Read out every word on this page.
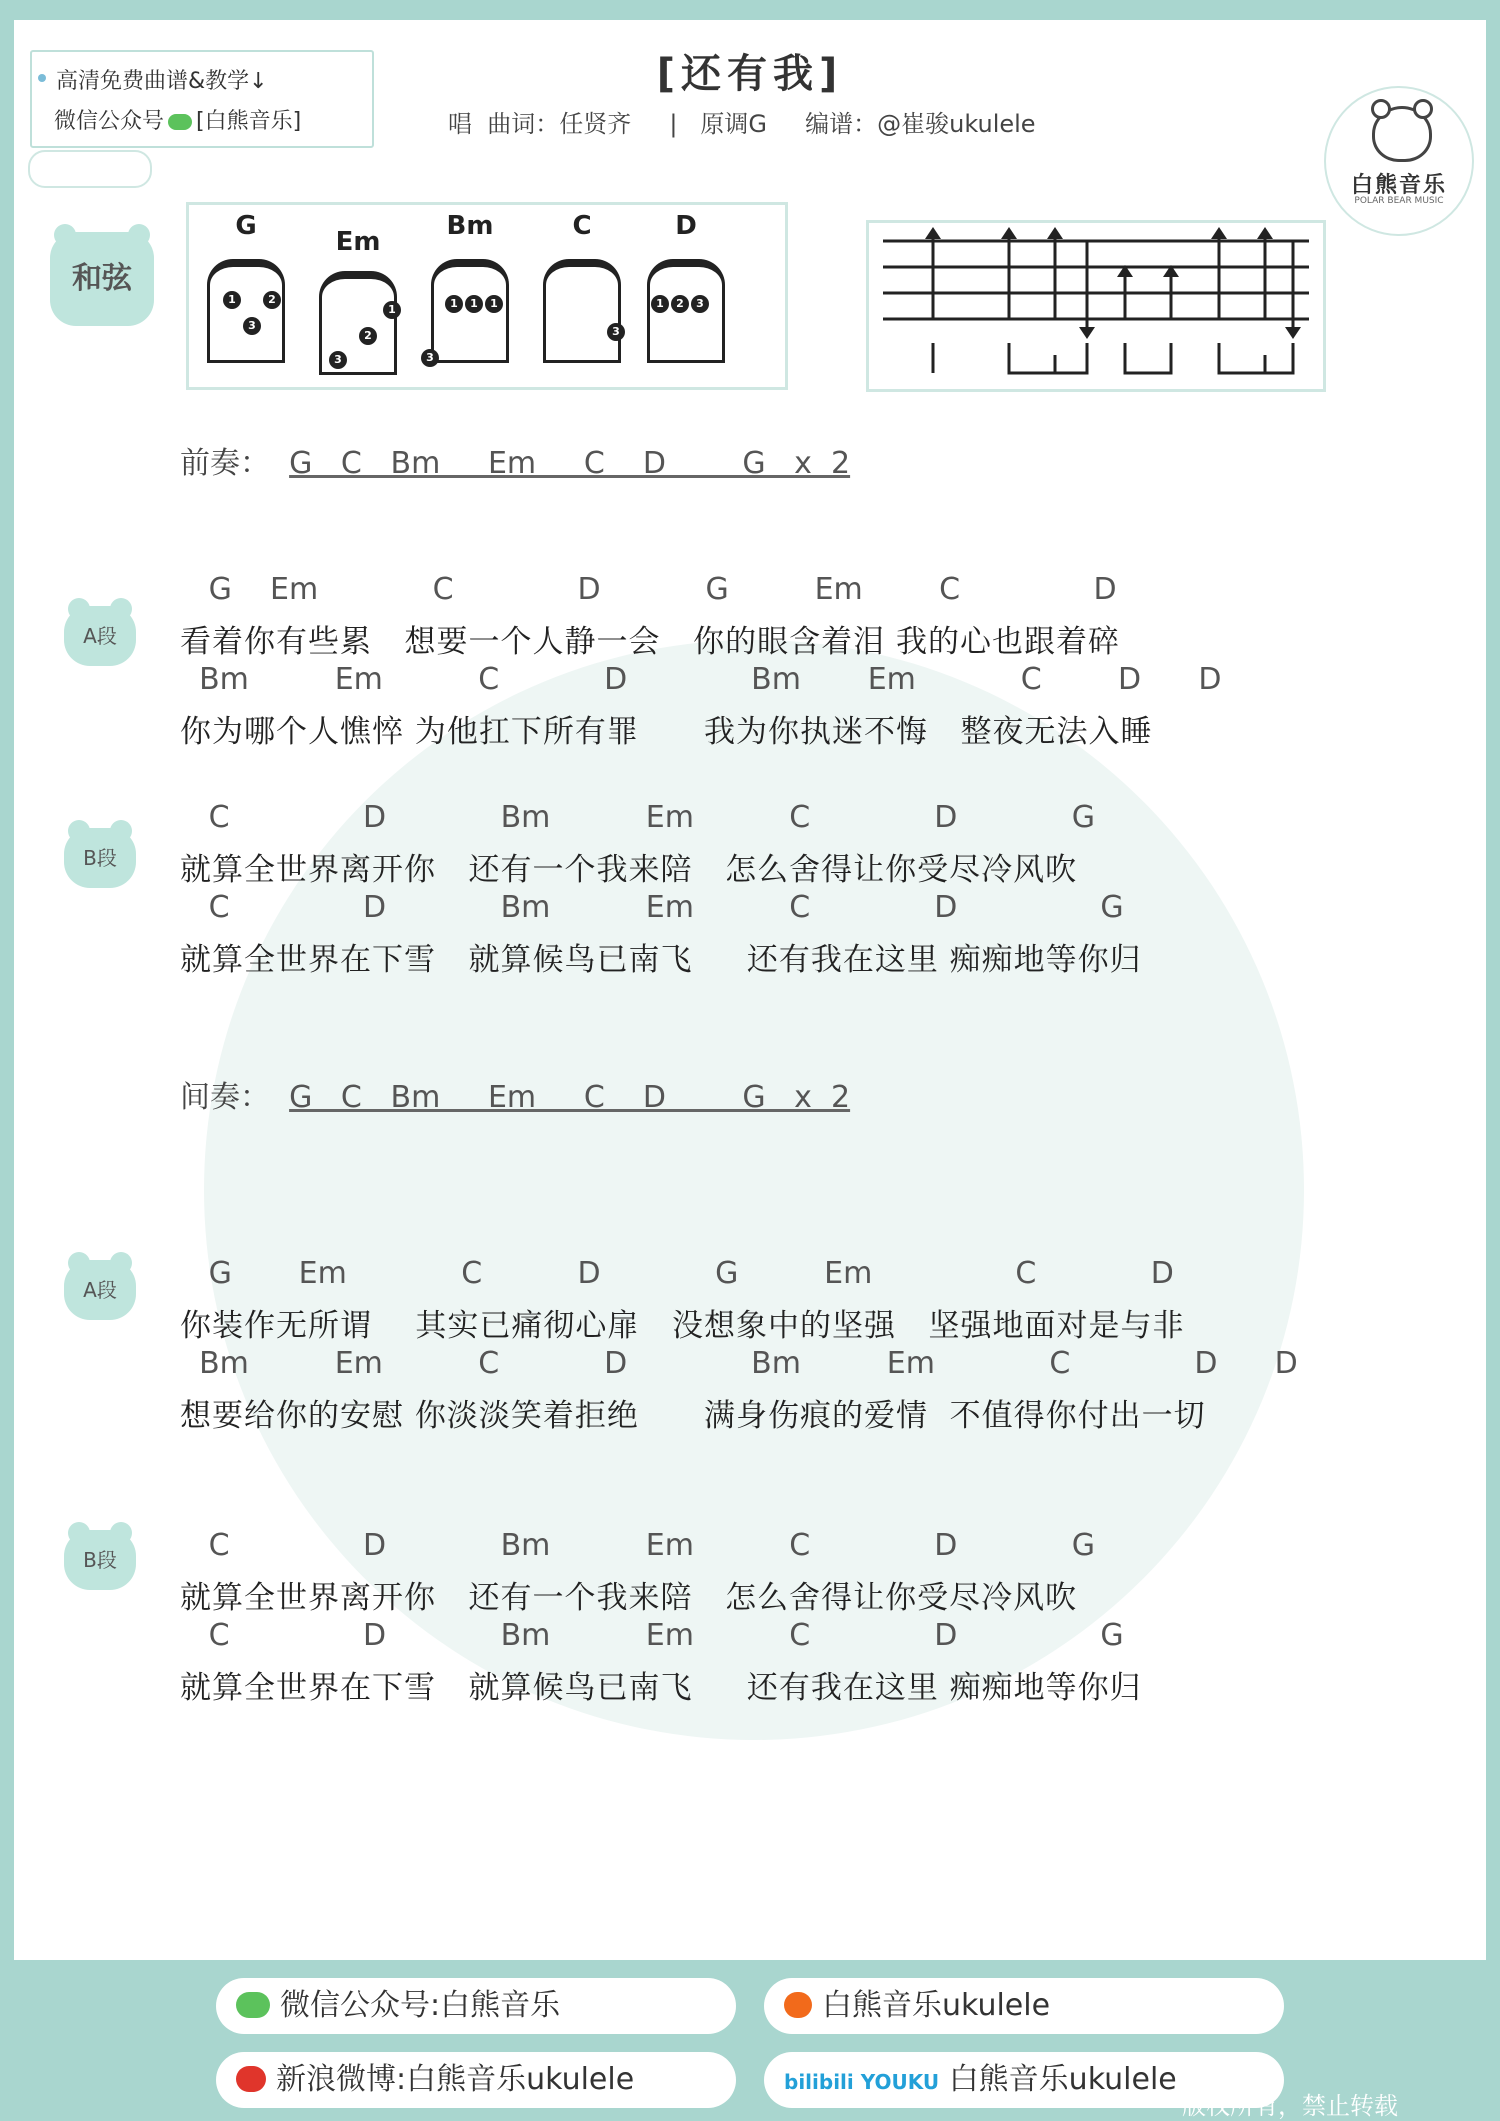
高清免费曲谱&教学↓
微信公众号 [白熊音乐]
白熊音乐
POLAR BEAR MUSIC
和弦
G
1	2
3
Em
1
2
3
Bm
1	1	1
3
C
3
D
1	2	3
前奏： G   C   Bm     Em     C    D        G   x  2
A段
G    Em            C             D           G         Em        C              D
看着你有些累   想要一个人静一会   你的眼含着泪 我的心也跟着碎
Bm         Em          C           D             Bm       Em           C        D      D
你为哪个人憔悴 为他扛下所有罪      我为你执迷不悔   整夜无法入睡
B段
C              D            Bm          Em          C             D            G
就算全世界离开你   还有一个我来陪   怎么舍得让你受尽冷风吹
C              D            Bm          Em          C             D               G
就算全世界在下雪   就算候鸟已南飞     还有我在这里 痴痴地等你归
间奏： G   C   Bm     Em     C    D        G   x  2
A段	G       Em            C          D            G         Em               C            D
你装作无所谓    其实已痛彻心扉   没想象中的坚强   坚强地面对是与非
Bm         Em          C           D             Bm         Em            C             D      D
想要给你的安慰 你淡淡笑着拒绝      满身伤痕的爱情  不值得你付出一切
B段	C              D            Bm          Em          C             D            G
就算全世界离开你   还有一个我来陪   怎么舍得让你受尽冷风吹
C              D            Bm          Em          C             D               G
就算全世界在下雪   就算候鸟已南飞     还有我在这里 痴痴地等你归
[还有我]
唱  曲词：任贤齐     |   原调G     编谱：@崔骏ukulele
微信公众号:白熊音乐	白熊音乐ukulele
新浪微博:白熊音乐ukulele	bilibili YOUKU 白熊音乐ukulele
版权所有，禁止转载
